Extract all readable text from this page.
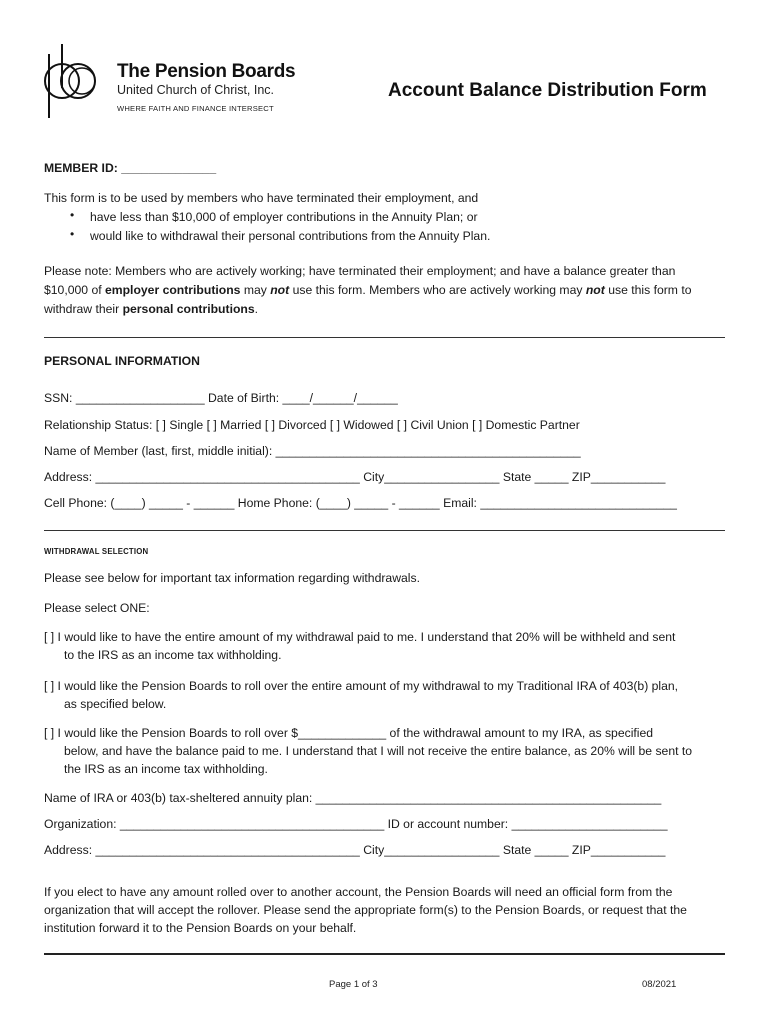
The Pension Boards
United Church of Christ, Inc.
WHERE FAITH AND FINANCE INTERSECT
Account Balance Distribution Form
MEMBER ID: ______________
This form is to be used by members who have terminated their employment, and
• have less than $10,000 of employer contributions in the Annuity Plan; or
• would like to withdrawal their personal contributions from the Annuity Plan.
Please note: Members who are actively working; have terminated their employment; and have a balance greater than
$10,000 of employer contributions may not use this form. Members who are actively working may not use this form to
withdraw their personal contributions.
PERSONAL INFORMATION
SSN: ___________________ Date of Birth: ____/______/______
Relationship Status: [ ] Single [ ] Married [ ] Divorced [ ] Widowed [ ] Civil Union [ ] Domestic Partner
Name of Member (last, first, middle initial): _____________________________________________
Address: _______________________________________ City_________________ State _____ ZIP___________
Cell Phone: (____) _____ - ______ Home Phone: (____) _____ - ______ Email: _____________________________
WITHDRAWAL SELECTION
Please see below for important tax information regarding withdrawals.
Please select ONE:
[ ] I would like to have the entire amount of my withdrawal paid to me. I understand that 20% will be withheld and sent
to the IRS as an income tax withholding.
[ ] I would like the Pension Boards to roll over the entire amount of my withdrawal to my Traditional IRA of 403(b) plan,
as specified below.
[ ] I would like the Pension Boards to roll over $_____________ of the withdrawal amount to my IRA, as specified
below, and have the balance paid to me. I understand that I will not receive the entire balance, as 20% will be sent to
the IRS as an income tax withholding.
Name of IRA or 403(b) tax-sheltered annuity plan: ___________________________________________________
Organization: _______________________________________ ID or account number: _______________________
Address: _______________________________________ City_________________ State _____ ZIP___________
If you elect to have any amount rolled over to another account, the Pension Boards will need an official form from the
organization that will accept the rollover. Please send the appropriate form(s) to the Pension Boards, or request that the
institution forward it to the Pension Boards on your behalf.
Page 1 of 3	08/2021
